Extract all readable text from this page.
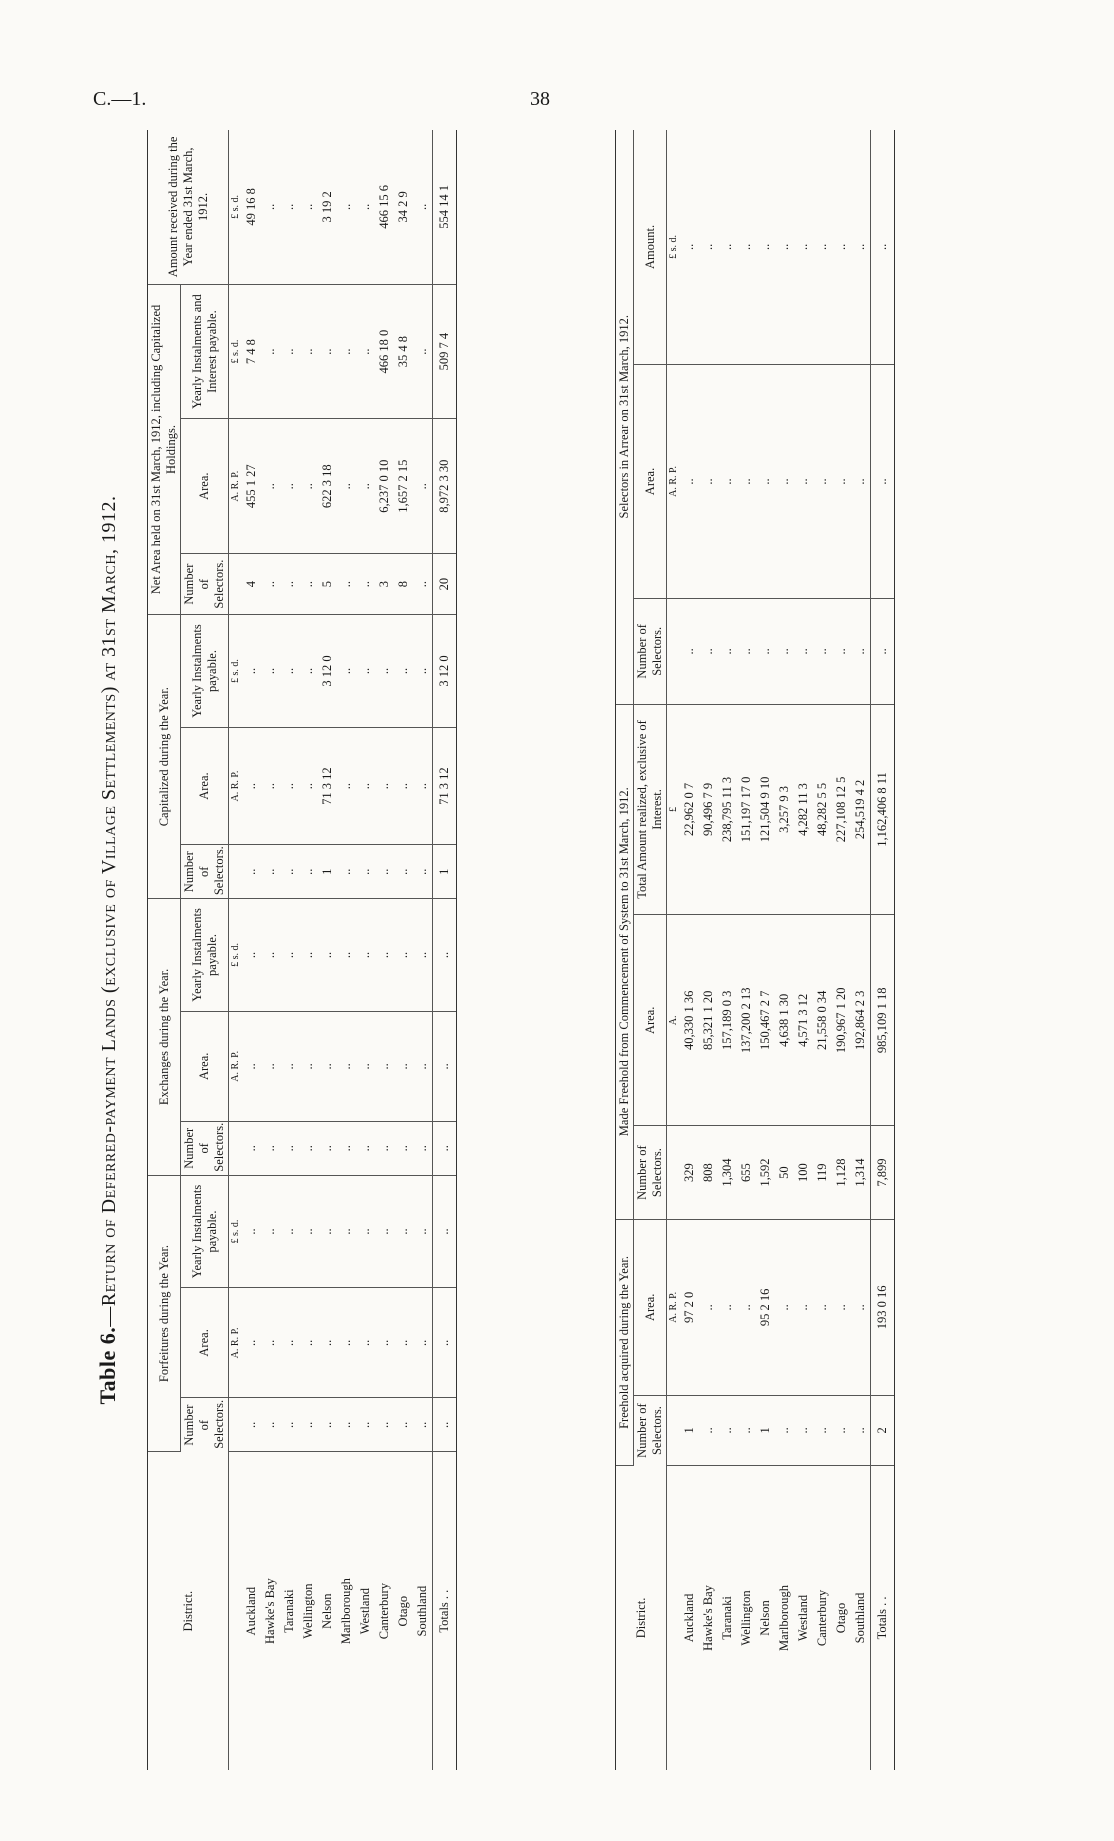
C.—1.	38
Table 6.—Return of Deferred-payment Lands (exclusive of Village Settlements) at 31st March, 1912.
District.	Forfeitures during the Year.			Exchanges during the Year.			Capitalized during the Year.			Net Area held on 31st March, 1912, including Capitalized Holdings.			Amount received during the Year ended 31st March, 1912.
	Number of Selectors.	Area.	Yearly Instalments payable.	Number of Selectors.	Area.	Yearly Instalments payable.	Number of Selectors.	Area.	Yearly Instalments payable.	Number of Selectors.	Area.	Yearly Instalments and Interest payable.	
		A. R. P.	£ s. d.		A. R. P.	£ s. d.		A. R. P.	£ s. d.		A. R. P.	£ s. d.	£ s. d.
Auckland	..	..	..	..	..	..	..	..	..	4	455 1 27	7 4 8	49 16 8
Hawke's Bay	..	..	..	..	..	..	..	..	..	..	..	..	..
Taranaki	..	..	..	..	..	..	..	..	..	..	..	..	..
Wellington	..	..	..	..	..	..	..	..	..	..	..	..	..
Nelson	..	..	..	..	..	..	1	71 3 12	3 12 0	5	622 3 18	..	3 19 2
Marlborough	..	..	..	..	..	..	..	..	..	..	..	..	..
Westland	..	..	..	..	..	..	..	..	..	..	..	..	..
Canterbury	..	..	..	..	..	..	..	..	..	3	6,237 0 10	466 18 0	466 15 6
Otago	..	..	..	..	..	..	..	..	..	8	1,657 2 15	35 4 8	34 2 9
Southland	..	..	..	..	..	..	..	..	..	..	..	..	..
Totals . .	..	..	..	..	..	..	1	71 3 12	3 12 0	20	8,972 3 30	509 7 4	554 14 1
District.	Freehold acquired during the Year.		Made Freehold from Commencement of System to 31st March, 1912.			Selectors in Arrear on 31st March, 1912.		
	Number of Selectors.	Area.	Number of Selectors.	Area.	Total Amount realized, exclusive of Interest.	Number of Selectors.	Area.	Amount.
		A. R. P.		A.	£		A. R. P.	£ s. d.
Auckland	1	97 2 0	329	40,330 1 36	22,962 0 7	..	..	..
Hawke's Bay	..	..	808	85,321 1 20	90,496 7 9	..	..	..
Taranaki	..	..	1,304	157,189 0 3	238,795 11 3	..	..	..
Wellington	..	..	655	137,200 2 13	151,197 17 0	..	..	..
Nelson	1	95 2 16	1,592	150,467 2 7	121,504 9 10	..	..	..
Marlborough	..	..	50	4,638 1 30	3,257 9 3	..	..	..
Westland	..	..	100	4,571 3 12	4,282 11 3	..	..	..
Canterbury	..	..	119	21,558 0 34	48,282 5 5	..	..	..
Otago	..	..	1,128	190,967 1 20	227,108 12 5	..	..	..
Southland	..	..	1,314	192,864 2 3	254,519 4 2	..	..	..
Totals . .	2	193 0 16	7,899	985,109 1 18	1,162,406 8 11	..	..	..
